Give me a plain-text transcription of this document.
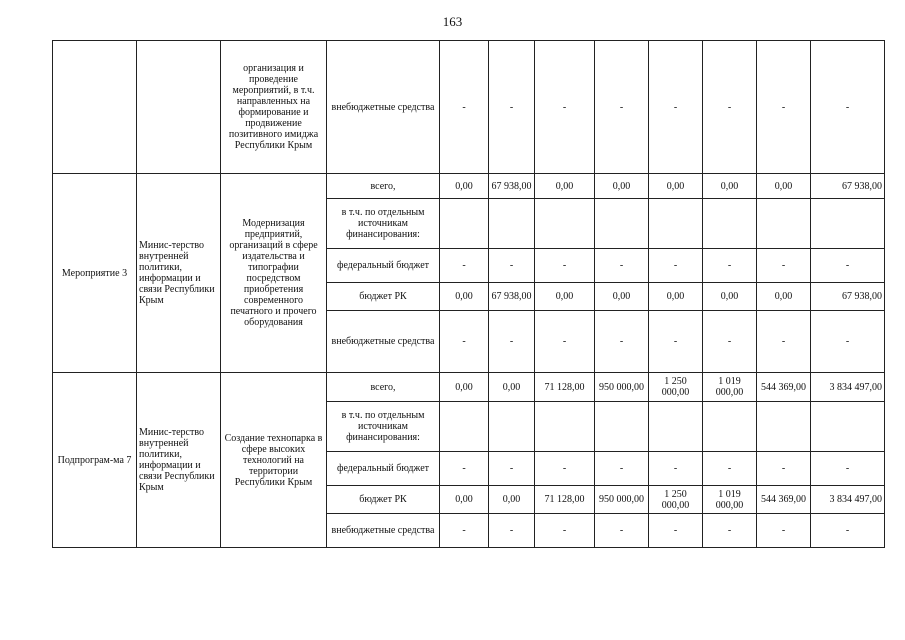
163
		организация и проведение мероприятий, в т.ч. направленных на формирование и продвижение позитивного имиджа Республики Крым	внебюджетные средства	-	-	-	-	-	-	-	-
Мероприятие 3	Минис-терство внутренней политики, информации и связи Республики Крым	Модернизация предприятий, организаций в сфере издательства и типографии посредством приобретения современного печатного и прочего оборудования	всего,	0,00	67 938,00	0,00	0,00	0,00	0,00	0,00	67 938,00
			в т.ч. по отдельным источникам финансирования:								
			федеральный бюджет	-	-	-	-	-	-	-	-
			бюджет РК	0,00	67 938,00	0,00	0,00	0,00	0,00	0,00	67 938,00
			внебюджетные средства	-	-	-	-	-	-	-	-
Подпрограм-ма 7	Минис-терство внутренней политики, информации и связи Республики Крым	Создание технопарка в сфере высоких технологий на территории Республики Крым	всего,	0,00	0,00	71 128,00	950 000,00	1 250 000,00	1 019 000,00	544 369,00	3 834 497,00
			в т.ч. по отдельным источникам финансирования:								
			федеральный бюджет	-	-	-	-	-	-	-	-
			бюджет РК	0,00	0,00	71 128,00	950 000,00	1 250 000,00	1 019 000,00	544 369,00	3 834 497,00
			внебюджетные средства	-	-	-	-	-	-	-	-
